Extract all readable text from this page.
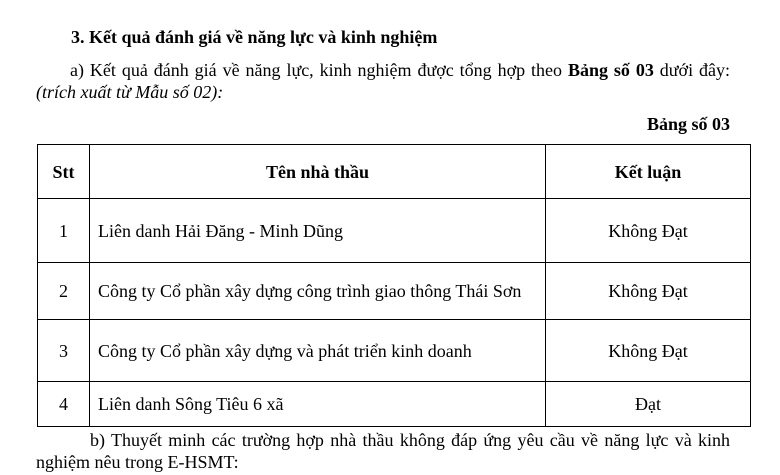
3. Kết quả đánh giá về năng lực và kinh nghiệm
a) Kết quả đánh giá về năng lực, kinh nghiệm được tổng hợp theo Bảng số 03 dưới đây: (trích xuất từ Mẫu số 02):
Bảng số 03
Stt	Tên nhà thầu	Kết luận
1	Liên danh Hải Đăng - Minh Dũng	Không Đạt
2	Công ty Cổ phần xây dựng công trình giao thông Thái Sơn	Không Đạt
3	Công ty Cổ phần xây dựng và phát triển kinh doanh	Không Đạt
4	Liên danh Sông Tiêu 6 xã	Đạt
b) Thuyết minh các trường hợp nhà thầu không đáp ứng yêu cầu về năng lực và kinh nghiệm nêu trong E-HSMT:
